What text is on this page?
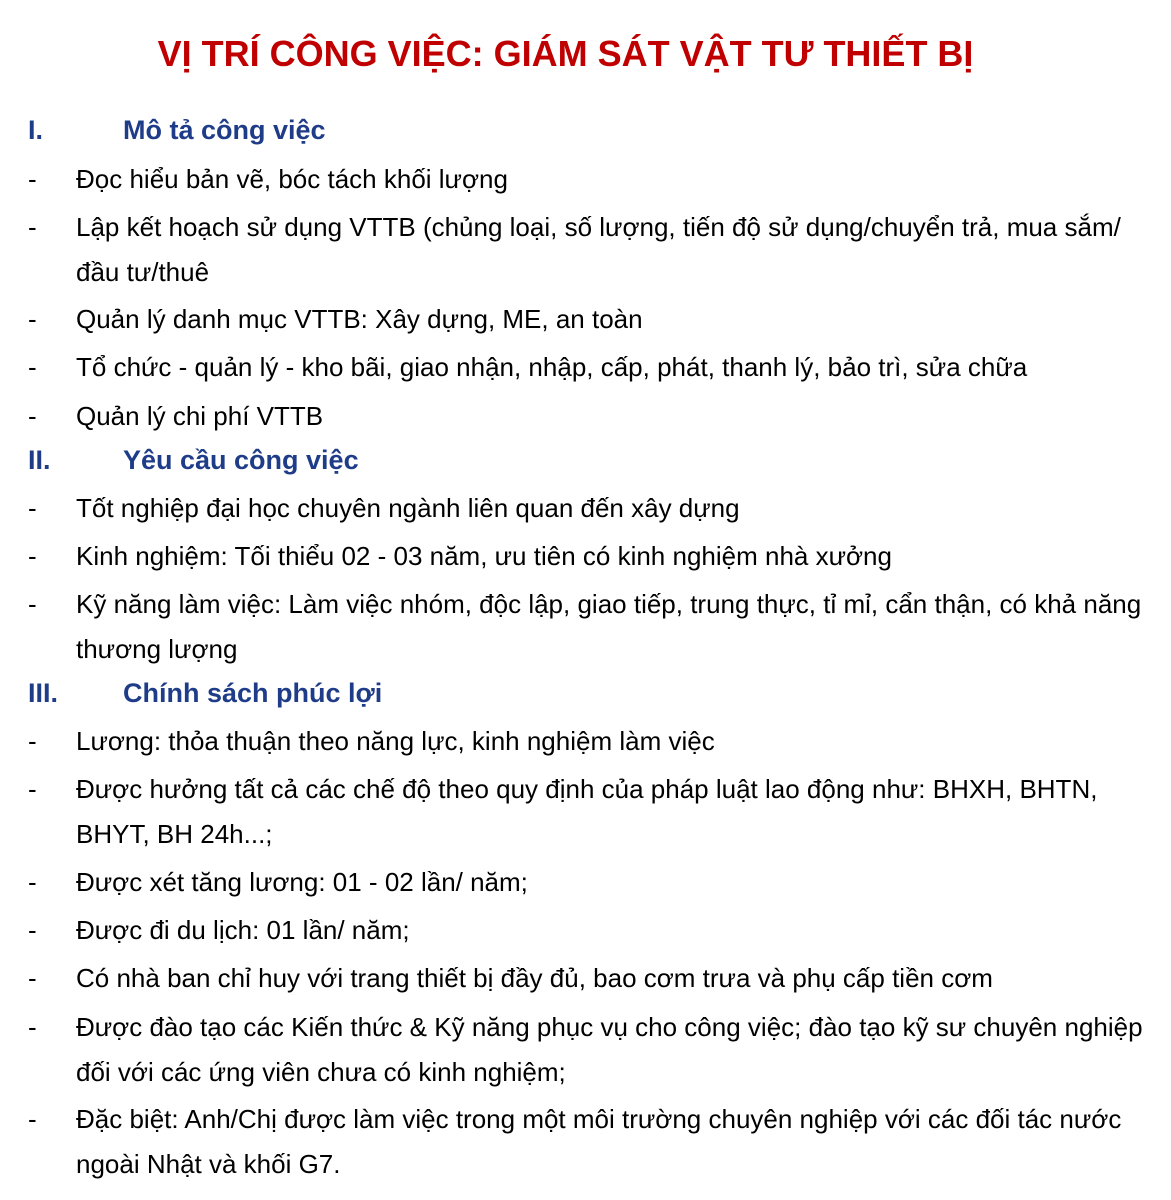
VỊ TRÍ CÔNG VIỆC: GIÁM SÁT VẬT TƯ THIẾT BỊ
I.	Mô tả công việc
- Đọc hiểu bản vẽ, bóc tách khối lượng
- Lập kết hoạch sử dụng VTTB (chủng loại, số lượng, tiến độ sử dụng/chuyển trả, mua sắm/đầu tư/thuê
- Quản lý danh mục VTTB: Xây dựng, ME, an toàn
- Tổ chức - quản lý - kho bãi, giao nhận, nhập, cấp, phát, thanh lý, bảo trì, sửa chữa
- Quản lý chi phí VTTB
II.	Yêu cầu công việc
- Tốt nghiệp đại học chuyên ngành liên quan đến xây dựng
- Kinh nghiệm: Tối thiểu 02 - 03 năm, ưu tiên có kinh nghiệm nhà xưởng
- Kỹ năng làm việc: Làm việc nhóm, độc lập, giao tiếp, trung thực, tỉ mỉ, cẩn thận, có khả năng thương lượng
III. Chính sách phúc lợi
- Lương: thỏa thuận theo năng lực, kinh nghiệm làm việc
- Được hưởng tất cả các chế độ theo quy định của pháp luật lao động như: BHXH, BHTN, BHYT, BH 24h...;
- Được xét tăng lương: 01 - 02 lần/ năm;
- Được đi du lịch: 01 lần/ năm;
- Có nhà ban chỉ huy với trang thiết bị đầy đủ, bao cơm trưa và phụ cấp tiền cơm
- Được đào tạo các Kiến thức & Kỹ năng phục vụ cho công việc; đào tạo kỹ sư chuyên nghiệp đối với các ứng viên chưa có kinh nghiệm;
- Đặc biệt: Anh/Chị được làm việc trong một môi trường chuyên nghiệp với các đối tác nước ngoài Nhật và khối G7.
